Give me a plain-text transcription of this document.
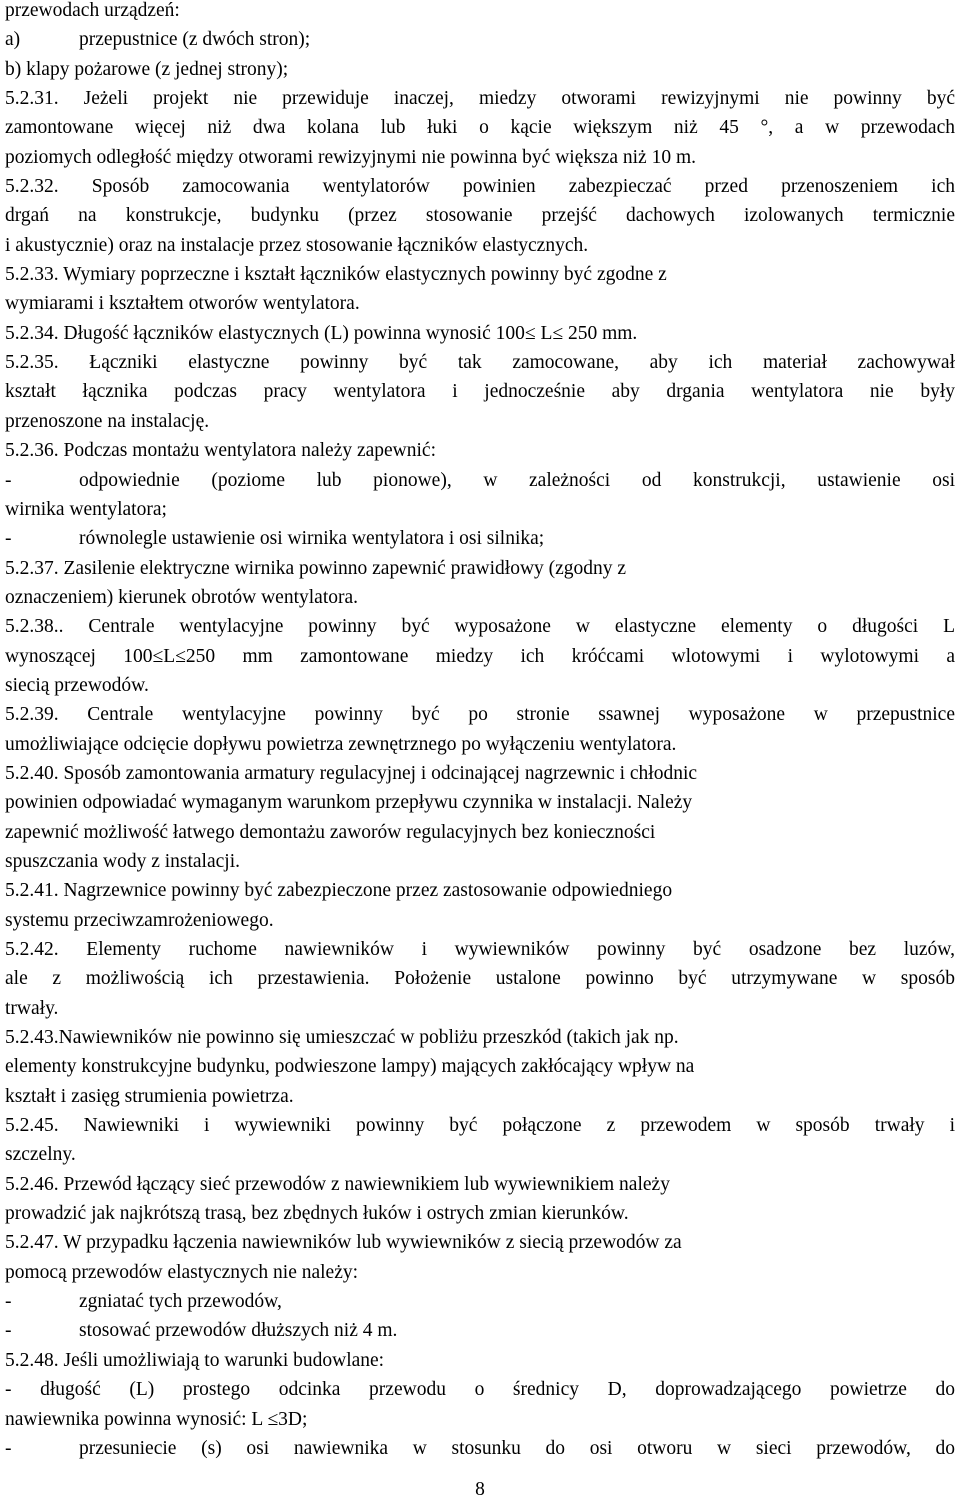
przewodach urządzeń:
a)	przepustnice (z dwóch stron);
b) klapy pożarowe (z jednej strony);
5.2.31. Jeżeli projekt nie przewiduje inaczej, miedzy otworami rewizyjnymi nie powinny być
zamontowane więcej niż dwa kolana lub łuki o kącie większym niż 45 °, a w przewodach
poziomych odległość między otworami rewizyjnymi nie powinna być większa niż 10 m.
5.2.32. Sposób zamocowania wentylatorów powinien zabezpieczać przed przenoszeniem ich
drgań na konstrukcje, budynku (przez stosowanie przejść dachowych izolowanych termicznie
i akustycznie) oraz na instalacje przez stosowanie łączników elastycznych.
5.2.33. Wymiary poprzeczne i kształt łączników elastycznych powinny być zgodne z
wymiarami i kształtem otworów wentylatora.
5.2.34. Długość łączników elastycznych (L) powinna wynosić 100≤ L≤ 250 mm.
5.2.35. Łączniki elastyczne powinny być tak zamocowane, aby ich materiał zachowywał
kształt łącznika podczas pracy wentylatora i jednocześnie aby drgania wentylatora nie były
przenoszone na instalację.
5.2.36. Podczas montażu wentylatora należy zapewnić:
-	odpowiednie (poziome lub pionowe), w zależności od konstrukcji, ustawienie osi
wirnika wentylatora;
-	równolegle ustawienie osi wirnika wentylatora i osi silnika;
5.2.37. Zasilenie elektryczne wirnika powinno zapewnić prawidłowy (zgodny z
oznaczeniem) kierunek obrotów wentylatora.
5.2.38.. Centrale wentylacyjne powinny być wyposażone w elastyczne elementy o długości L
wynoszącej 100≤L≤250 mm zamontowane miedzy ich króćcami wlotowymi i wylotowymi a
siecią przewodów.
5.2.39. Centrale wentylacyjne powinny być po stronie ssawnej wyposażone w przepustnice
umożliwiające odcięcie dopływu powietrza zewnętrznego po wyłączeniu wentylatora.
5.2.40. Sposób zamontowania armatury regulacyjnej i odcinającej nagrzewnic i chłodnic
powinien odpowiadać wymaganym warunkom przepływu czynnika w instalacji. Należy
zapewnić możliwość łatwego demontażu zaworów regulacyjnych bez konieczności
spuszczania wody z instalacji.
5.2.41. Nagrzewnice powinny być zabezpieczone przez zastosowanie odpowiedniego
systemu przeciwzamrożeniowego.
5.2.42. Elementy ruchome nawiewników i wywiewników powinny być osadzone bez luzów,
ale z możliwością ich przestawienia. Położenie ustalone powinno być utrzymywane w sposób
trwały.
5.2.43.Nawiewników nie powinno się umieszczać w pobliżu przeszkód (takich jak np.
elementy konstrukcyjne budynku, podwieszone lampy) mających zakłócający wpływ na
kształt i zasięg strumienia powietrza.
5.2.45. Nawiewniki i wywiewniki powinny być połączone z przewodem w sposób trwały i
szczelny.
5.2.46. Przewód łączący sieć przewodów z nawiewnikiem lub wywiewnikiem należy
prowadzić jak najkrótszą trasą, bez zbędnych łuków i ostrych zmian kierunków.
5.2.47. W przypadku łączenia nawiewników lub wywiewników z siecią przewodów za
pomocą przewodów elastycznych nie należy:
-	zgniatać tych przewodów,
-	stosować przewodów dłuższych niż 4 m.
5.2.48. Jeśli umożliwiają to warunki budowlane:
- długość (L) prostego odcinka przewodu o średnicy D, doprowadzającego powietrze do
nawiewnika powinna wynosić: L ≤3D;
-	przesuniecie (s) osi nawiewnika w stosunku do osi otworu w sieci przewodów, do
8
